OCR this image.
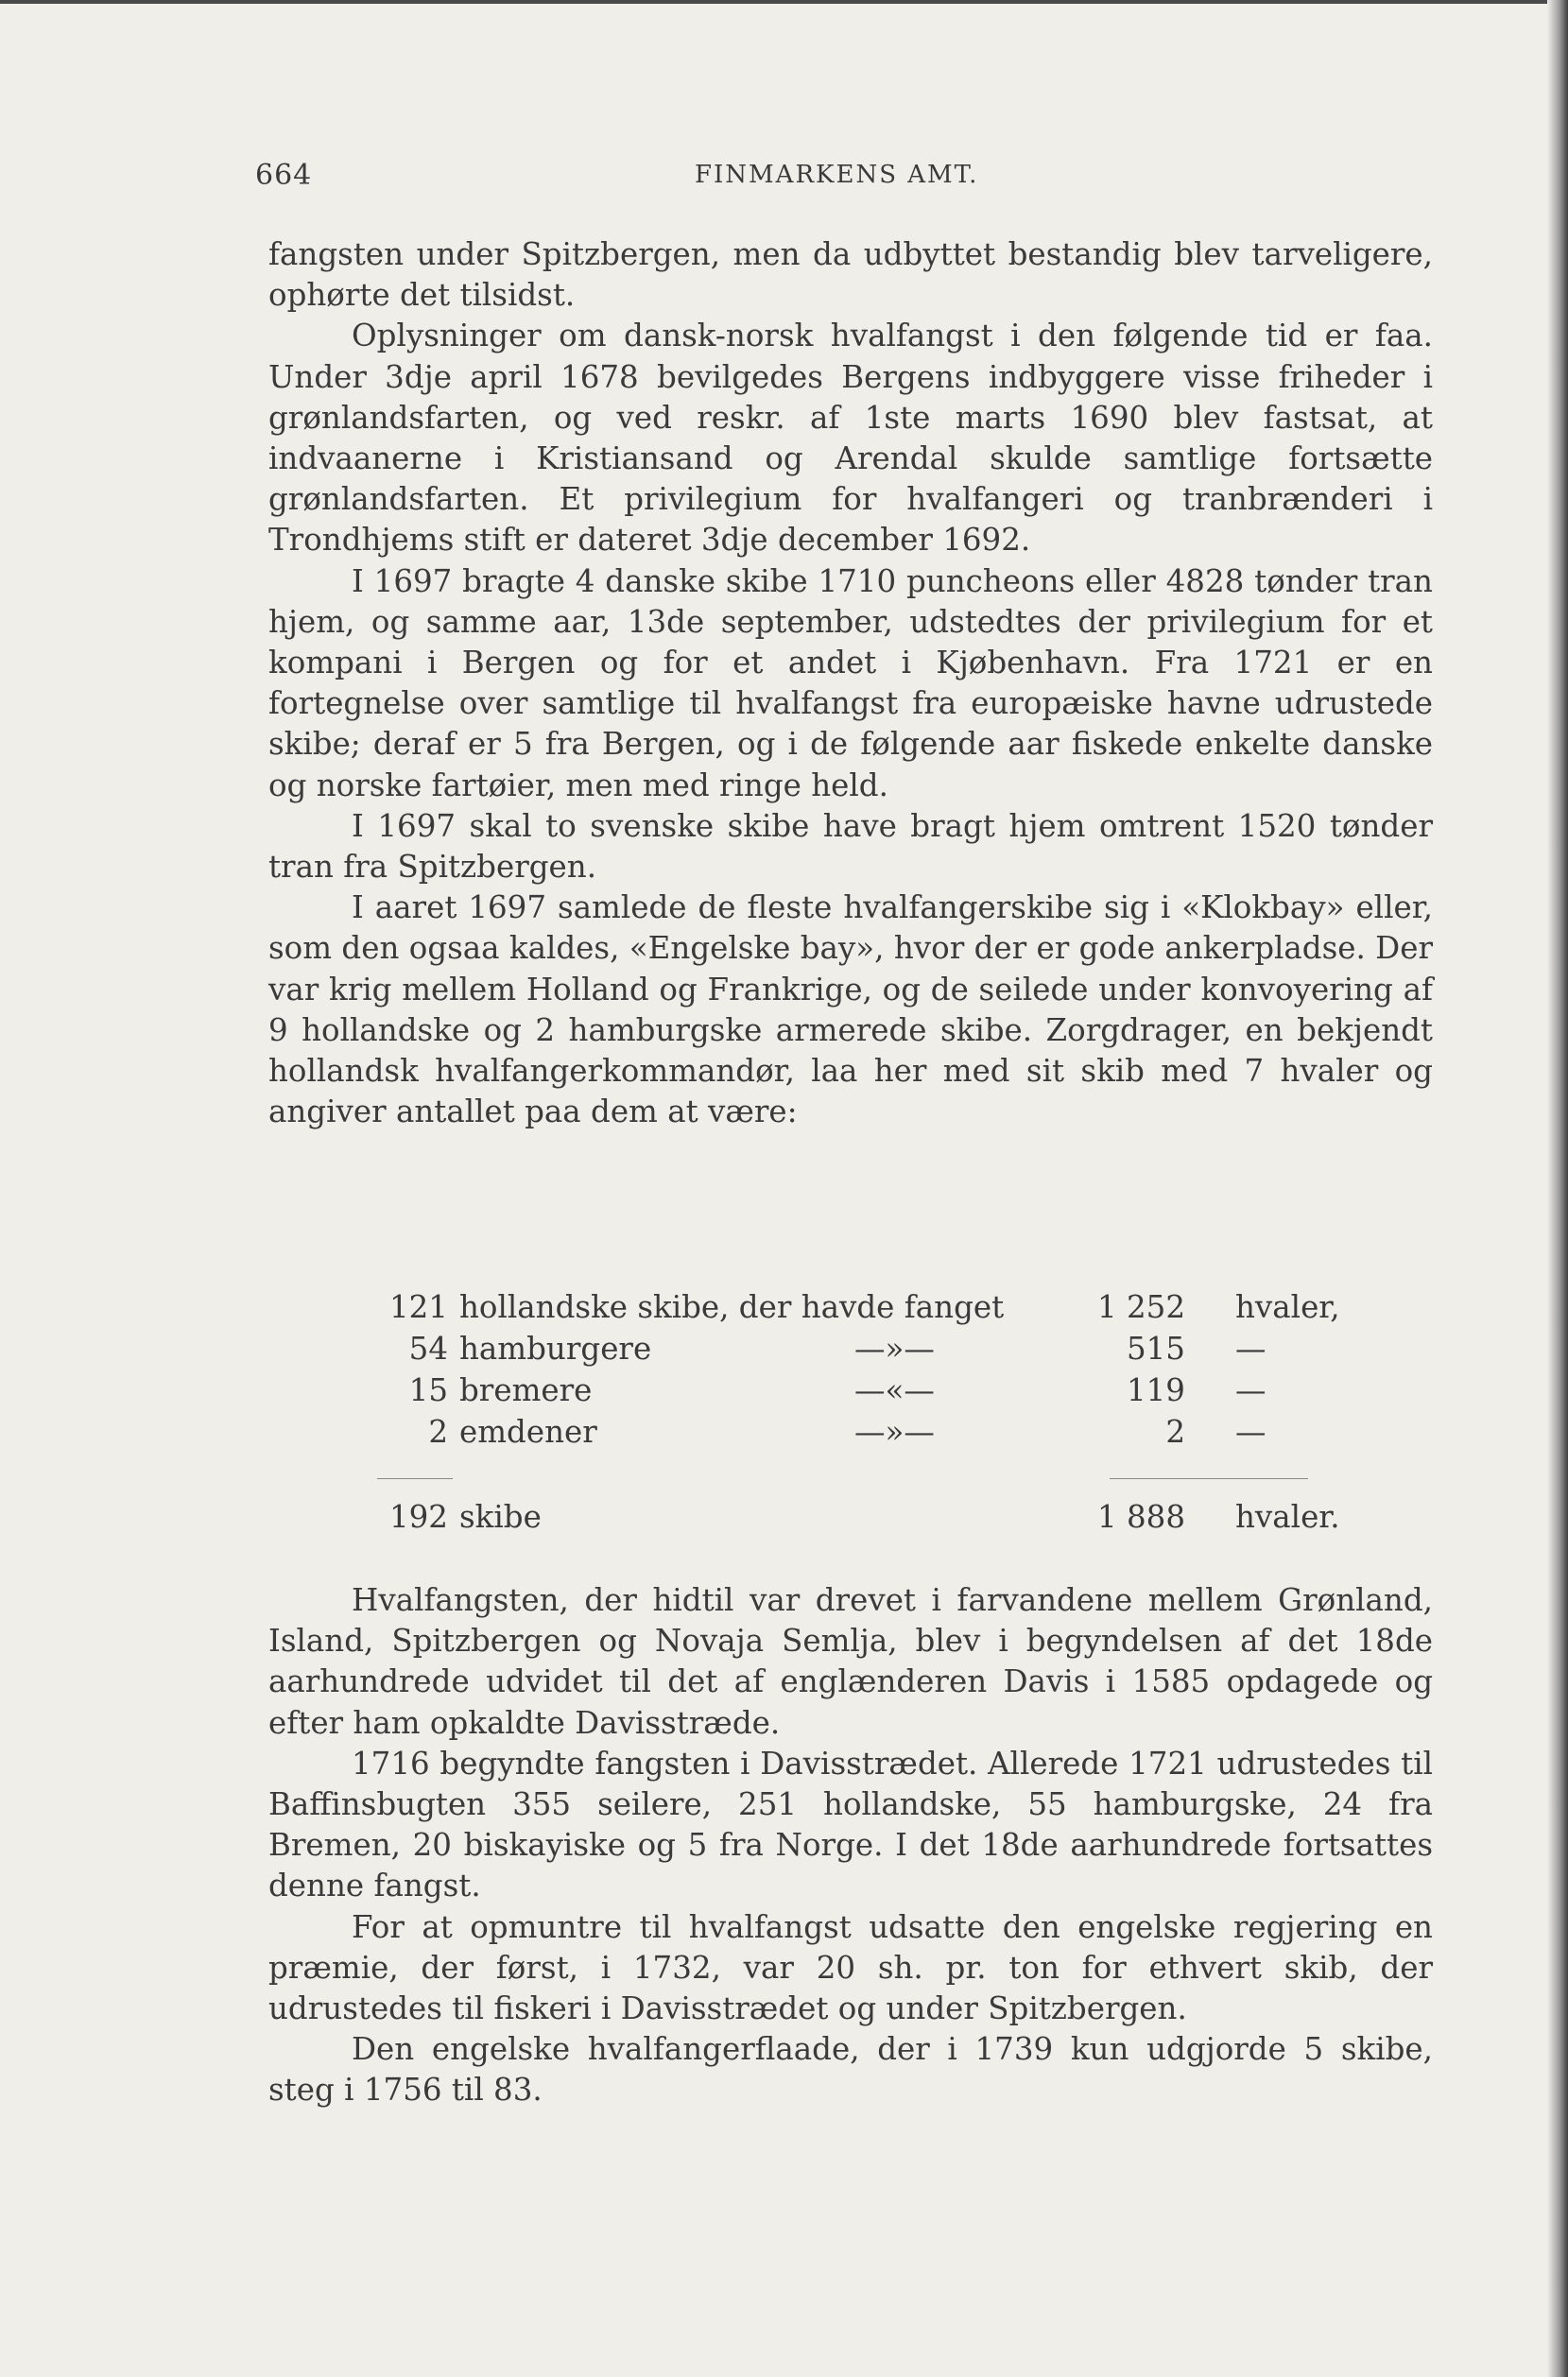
664	FINMARKENS AMT.

fangsten under Spitzbergen, men da udbyttet bestandig blev tarveligere, ophørte det tilsidst.

Oplysninger om dansk-norsk hvalfangst i den følgende tid er faa. Under 3dje april 1678 bevilgedes Bergens indbyggere visse friheder i grønlandsfarten, og ved reskr. af 1ste marts 1690 blev fastsat, at indvaanerne i Kristiansand og Arendal skulde samtlige fortsætte grønlandsfarten. Et privilegium for hvalfangeri og tranbrænderi i Trondhjems stift er dateret 3dje december 1692.

I 1697 bragte 4 danske skibe 1710 puncheons eller 4828 tønder tran hjem, og samme aar, 13de september, udstedtes der privilegium for et kompani i Bergen og for et andet i Kjøbenhavn. Fra 1721 er en fortegnelse over samtlige til hvalfangst fra europæiske havne udrustede skibe; deraf er 5 fra Bergen, og i de følgende aar fiskede enkelte danske og norske fartøier, men med ringe held.

I 1697 skal to svenske skibe have bragt hjem omtrent 1520 tønder tran fra Spitzbergen.

I aaret 1697 samlede de fleste hvalfangerskibe sig i «Klokbay» eller, som den ogsaa kaldes, «Engelske bay», hvor der er gode ankerpladse. Der var krig mellem Holland og Frankrige, og de seilede under konvoyering af 9 hollandske og 2 hamburgske armerede skibe. Zorgdrager, en bekjendt hollandsk hvalfangerkommandør, laa her med sit skib med 7 hvaler og angiver antallet paa dem at være:

121 hollandske skibe, der havde fanget	1 252 hvaler,
54 hamburgere	—»—	515 —
15 bremere	—«—	119 —
2 emdener	—»—	2 —
192 skibe	1 888 hvaler.

Hvalfangsten, der hidtil var drevet i farvandene mellem Grønland, Island, Spitzbergen og Novaja Semlja, blev i begyndelsen af det 18de aarhundrede udvidet til det af englænderen Davis i 1585 opdagede og efter ham opkaldte Davisstræde.

1716 begyndte fangsten i Davisstrædet. Allerede 1721 udrustedes til Baffinsbugten 355 seilere, 251 hollandske, 55 hamburgske, 24 fra Bremen, 20 biskayiske og 5 fra Norge. I det 18de aarhundrede fortsattes denne fangst.

For at opmuntre til hvalfangst udsatte den engelske regjering en præmie, der først, i 1732, var 20 sh. pr. ton for ethvert skib, der udrustedes til fiskeri i Davisstrædet og under Spitzbergen.

Den engelske hvalfangerflaade, der i 1739 kun udgjorde 5 skibe, steg i 1756 til 83.
